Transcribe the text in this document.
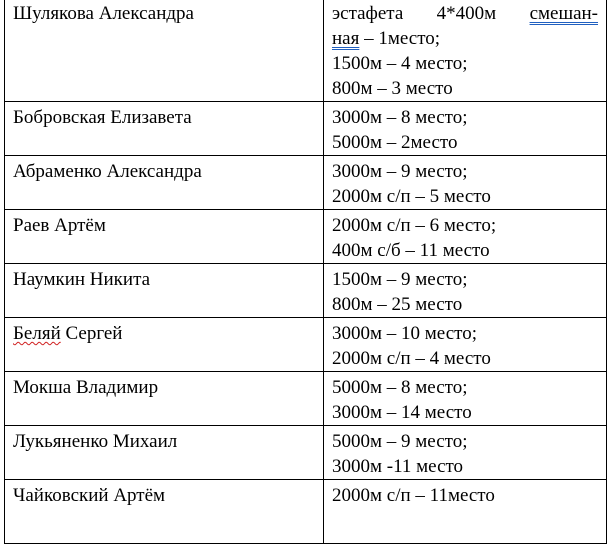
Шулякова Александра	эстафета 4*400м смешан-
ная – 1место;
1500м – 4 место;
800м – 3 место

Бобровская Елизавета	3000м – 8 место;
5000м – 2место

Абраменко Александра	3000м – 9 место;
2000м с/п – 5 место

Раев Артём	2000м с/п – 6 место;
400м с/б – 11 место

Наумкин Никита	1500м – 9 место;
800м – 25 место

Беляй Сергей	3000м – 10 место;
2000м с/п – 4 место

Мокша Владимир	5000м – 8 место;
3000м – 14 место

Лукьяненко Михаил	5000м – 9 место;
3000м -11 место

Чайковский Артём	2000м с/п – 11место
